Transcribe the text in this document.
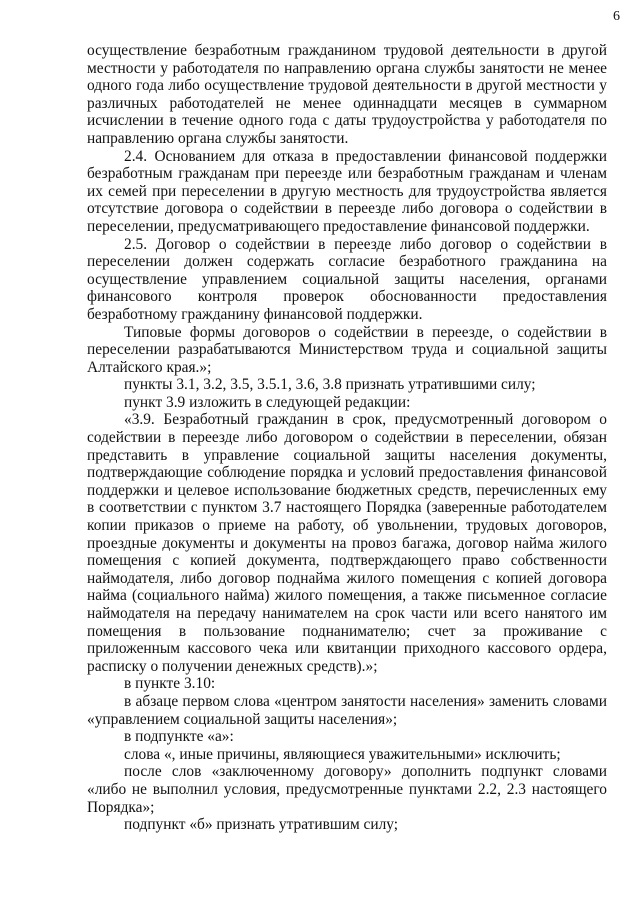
6

осуществление безработным гражданином трудовой деятельности в другой местности у работодателя по направлению органа службы занятости не менее одного года либо осуществление трудовой деятельности в другой местности у различных работодателей не менее одиннадцати месяцев в суммарном исчислении в течение одного года с даты трудоустройства у работодателя по направлению органа службы занятости.

2.4. Основанием для отказа в предоставлении финансовой поддержки безработным гражданам при переезде или безработным гражданам и членам их семей при переселении в другую местность для трудоустройства является отсутствие договора о содействии в переезде либо договора о содействии в переселении, предусматривающего предоставление финансовой поддержки.

2.5. Договор о содействии в переезде либо договор о содействии в переселении должен содержать согласие безработного гражданина на осуществление управлением социальной защиты населения, органами финансового контроля проверок обоснованности предоставления безработному гражданину финансовой поддержки.

Типовые формы договоров о содействии в переезде, о содействии в переселении разрабатываются Министерством труда и социальной защиты Алтайского края.»;

пункты 3.1, 3.2, 3.5, 3.5.1, 3.6, 3.8 признать утратившими силу;

пункт 3.9 изложить в следующей редакции:

«3.9. Безработный гражданин в срок, предусмотренный договором о содействии в переезде либо договором о содействии в переселении, обязан представить в управление социальной защиты населения документы, подтверждающие соблюдение порядка и условий предоставления финансовой поддержки и целевое использование бюджетных средств, перечисленных ему в соответствии с пунктом 3.7 настоящего Порядка (заверенные работодателем копии приказов о приеме на работу, об увольнении, трудовых договоров, проездные документы и документы на провоз багажа, договор найма жилого помещения с копией документа, подтверждающего право собственности наймодателя, либо договор поднайма жилого помещения с копией договора найма (социального найма) жилого помещения, а также письменное согласие наймодателя на передачу нанимателем на срок части или всего нанятого им помещения в пользование поднанимателю; счет за проживание с приложенным кассового чека или квитанции приходного кассового ордера, расписку о получении денежных средств).»;

в пункте 3.10:

в абзаце первом слова «центром занятости населения» заменить словами «управлением социальной защиты населения»;

в подпункте «а»:

слова «, иные причины, являющиеся уважительными» исключить;

после слов «заключенному договору» дополнить подпункт словами «либо не выполнил условия, предусмотренные пунктами 2.2, 2.3 настоящего Порядка»;

подпункт «б» признать утратившим силу;
